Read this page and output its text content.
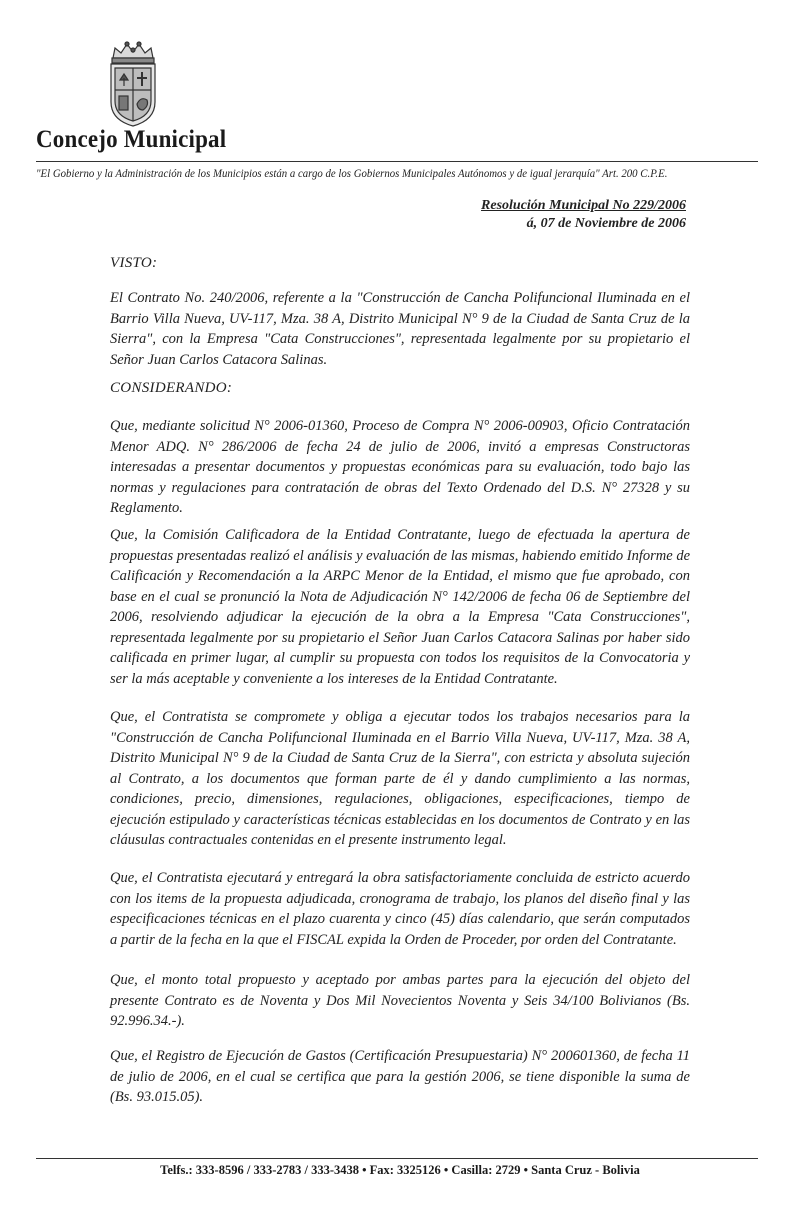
Concejo Municipal
"El Gobierno y la Administración de los Municipios están a cargo de los Gobiernos Municipales Autónomos y de igual jerarquía" Art. 200 C.P.E.
Resolución Municipal No 229/2006
á, 07 de Noviembre de 2006
VISTO:
El Contrato No. 240/2006, referente a la "Construcción de Cancha Polifuncional Iluminada en el Barrio Villa Nueva, UV-117, Mza. 38 A, Distrito Municipal N° 9 de la Ciudad de Santa Cruz de la Sierra", con la Empresa "Cata Construcciones", representada legalmente por su propietario el Señor Juan Carlos Catacora Salinas.
CONSIDERANDO:
Que, mediante solicitud N° 2006-01360, Proceso de Compra N° 2006-00903, Oficio Contratación Menor ADQ. N° 286/2006 de fecha 24 de julio de 2006, invitó a empresas Constructoras interesadas a presentar documentos y propuestas económicas para su evaluación, todo bajo las normas y regulaciones para contratación de obras del Texto Ordenado del D.S. N° 27328 y su Reglamento.
Que, la Comisión Calificadora de la Entidad Contratante, luego de efectuada la apertura de propuestas presentadas realizó el análisis y evaluación de las mismas, habiendo emitido Informe de Calificación y Recomendación a la ARPC Menor de la Entidad, el mismo que fue aprobado, con base en el cual se pronunció la Nota de Adjudicación N° 142/2006 de fecha 06 de Septiembre del 2006, resolviendo adjudicar la ejecución de la obra a la Empresa "Cata Construcciones", representada legalmente por su propietario el Señor Juan Carlos Catacora Salinas por haber sido calificada en primer lugar, al cumplir su propuesta con todos los requisitos de la Convocatoria y ser la más aceptable y conveniente a los intereses de la Entidad Contratante.
Que, el Contratista se compromete y obliga a ejecutar todos los trabajos necesarios para la "Construcción de Cancha Polifuncional Iluminada en el Barrio Villa Nueva, UV-117, Mza. 38 A, Distrito Municipal N° 9 de la Ciudad de Santa Cruz de la Sierra", con estricta y absoluta sujeción al Contrato, a los documentos que forman parte de él y dando cumplimiento a las normas, condiciones, precio, dimensiones, regulaciones, obligaciones, especificaciones, tiempo de ejecución estipulado y características técnicas establecidas en los documentos de Contrato y en las cláusulas contractuales contenidas en el presente instrumento legal.
Que, el Contratista ejecutará y entregará la obra satisfactoriamente concluida de estricto acuerdo con los items de la propuesta adjudicada, cronograma de trabajo, los planos del diseño final y las especificaciones técnicas en el plazo cuarenta y cinco (45) días calendario, que serán computados a partir de la fecha en la que el FISCAL expida la Orden de Proceder, por orden del Contratante.
Que, el monto total propuesto y aceptado por ambas partes para la ejecución del objeto del presente Contrato es de Noventa y Dos Mil Novecientos Noventa y Seis 34/100 Bolivianos (Bs. 92.996.34.-).
Que, el Registro de Ejecución de Gastos (Certificación Presupuestaria) N° 200601360, de fecha 11 de julio de 2006, en el cual se certifica que para la gestión 2006, se tiene disponible la suma de (Bs. 93.015.05).
Telfs.: 333-8596 / 333-2783 / 333-3438 • Fax: 3325126 • Casilla: 2729 • Santa Cruz - Bolivia
